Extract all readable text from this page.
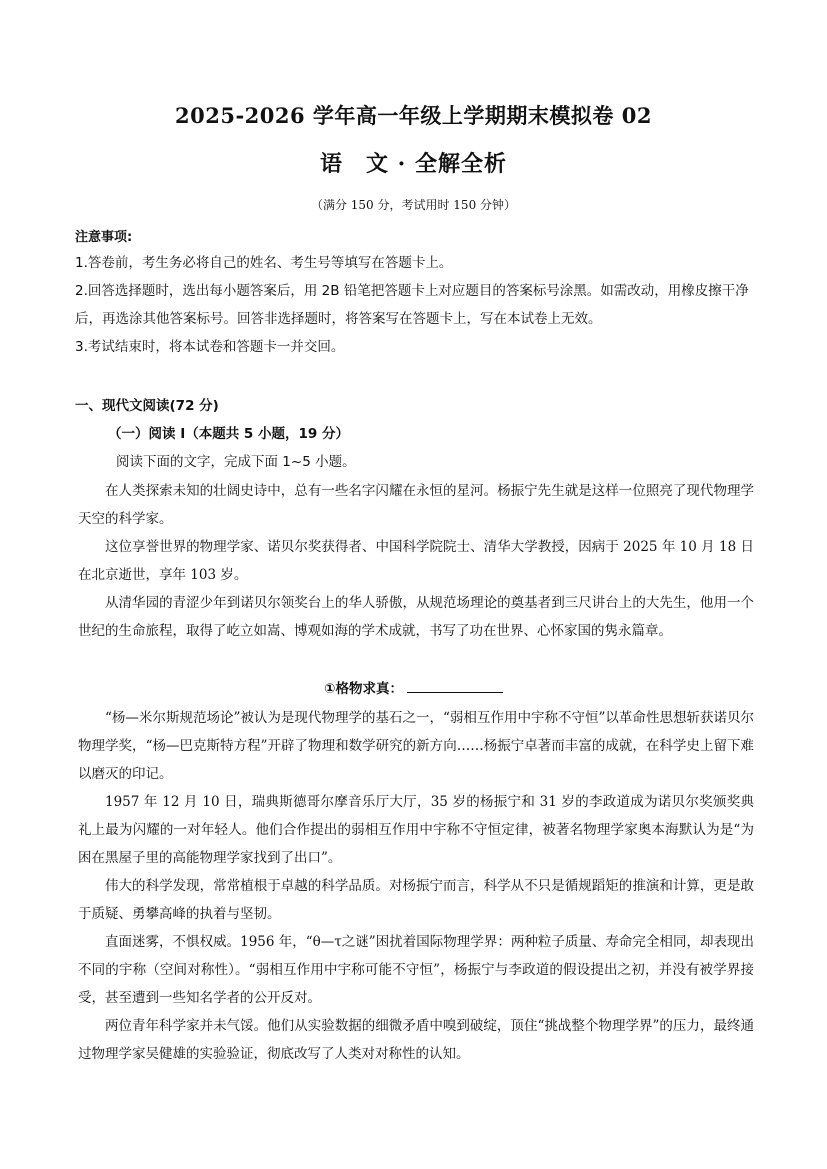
2025-2026 学年高一年级上学期期末模拟卷 02
语　文 · 全解全析
（满分 150 分，考试用时 150 分钟）
注意事项:
1.答卷前，考生务必将自己的姓名、考生号等填写在答题卡上。
2.回答选择题时，选出每小题答案后，用 2B 铅笔把答题卡上对应题目的答案标号涂黑。如需改动，用橡皮擦干净后，再选涂其他答案标号。回答非选择题时，将答案写在答题卡上，写在本试卷上无效。
3.考试结束时，将本试卷和答题卡一并交回。
一、现代文阅读(72 分)
（一）阅读 I（本题共 5 小题，19 分）
阅读下面的文字，完成下面 1~5 小题。
在人类探索未知的壮阔史诗中，总有一些名字闪耀在永恒的星河。杨振宁先生就是这样一位照亮了现代物理学天空的科学家。
这位享誉世界的物理学家、诺贝尔奖获得者、中国科学院院士、清华大学教授，因病于 2025 年 10 月 18 日在北京逝世，享年 103 岁。
从清华园的青涩少年到诺贝尔领奖台上的华人骄傲，从规范场理论的奠基者到三尺讲台上的大先生，他用一个世纪的生命旅程，取得了屹立如嵩、博观如海的学术成就，书写了功在世界、心怀家国的隽永篇章。
①格物求真：
“杨—米尔斯规范场论”被认为是现代物理学的基石之一，“弱相互作用中宇称不守恒”以革命性思想斩获诺贝尔物理学奖，“杨—巴克斯特方程”开辟了物理和数学研究的新方向……杨振宁卓著而丰富的成就，在科学史上留下难以磨灭的印记。
1957 年 12 月 10 日，瑞典斯德哥尔摩音乐厅大厅，35 岁的杨振宁和 31 岁的李政道成为诺贝尔奖颁奖典礼上最为闪耀的一对年轻人。他们合作提出的弱相互作用中宇称不守恒定律，被著名物理学家奥本海默认为是“为困在黑屋子里的高能物理学家找到了出口”。
伟大的科学发现，常常植根于卓越的科学品质。对杨振宁而言，科学从不只是循规蹈矩的推演和计算，更是敢于质疑、勇攀高峰的执着与坚韧。
直面迷雾，不惧权威。1956 年，“θ—τ之谜”困扰着国际物理学界：两种粒子质量、寿命完全相同，却表现出不同的宇称（空间对称性）。“弱相互作用中宇称可能不守恒”，杨振宁与李政道的假设提出之初，并没有被学界接受，甚至遭到一些知名学者的公开反对。
两位青年科学家并未气馁。他们从实验数据的细微矛盾中嗅到破绽，顶住“挑战整个物理学界”的压力，最终通过物理学家吴健雄的实验验证，彻底改写了人类对对称性的认知。
